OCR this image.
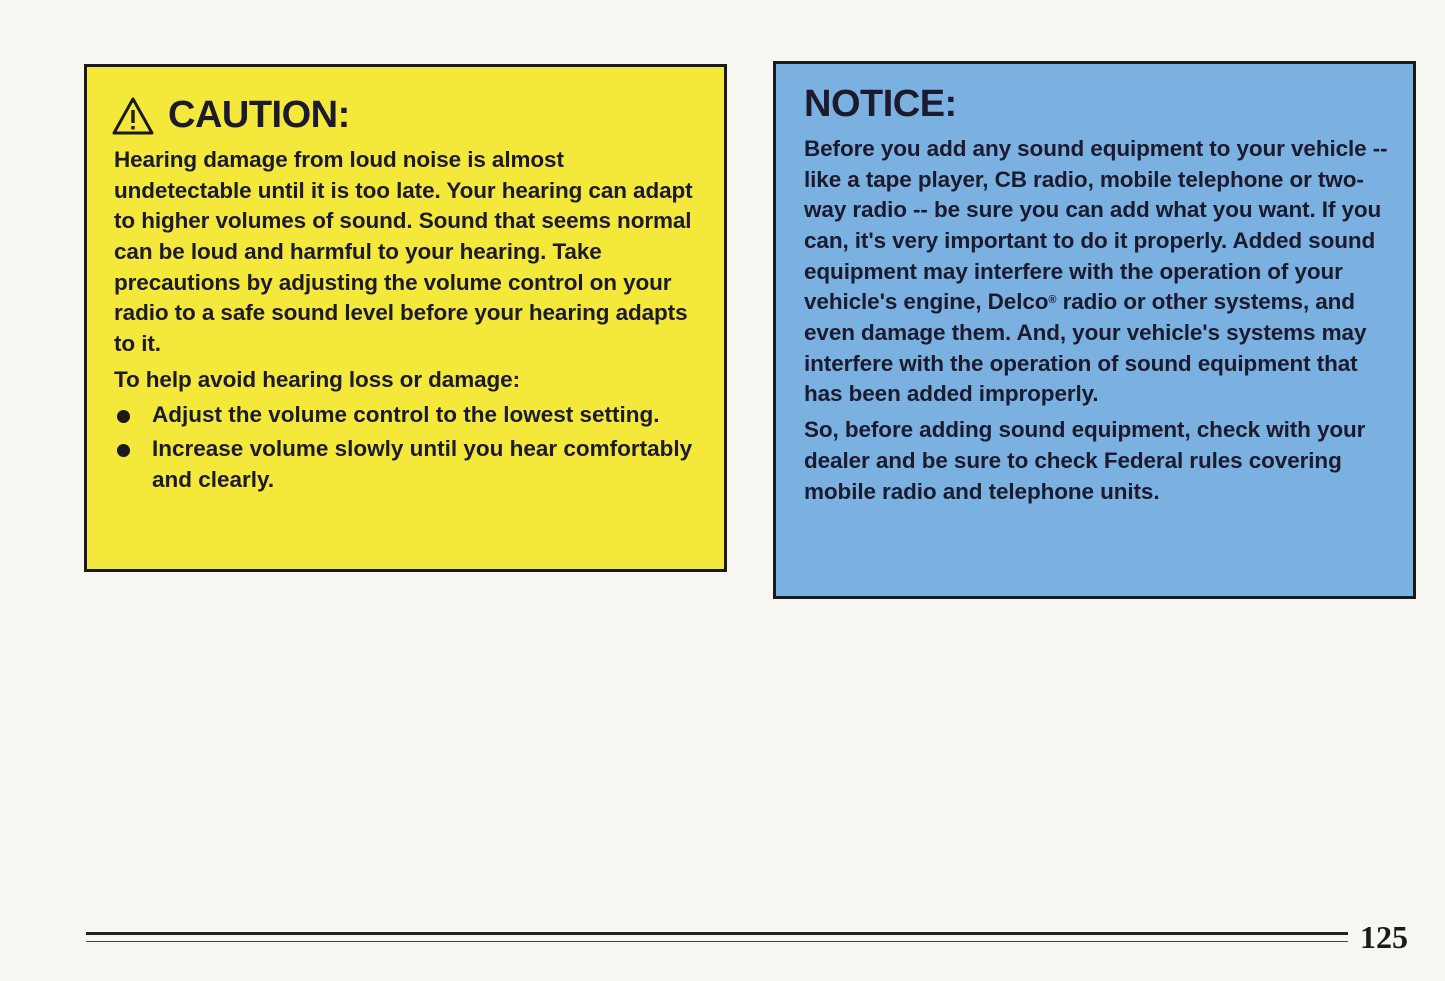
CAUTION:

Hearing damage from loud noise is almost undetectable until it is too late. Your hearing can adapt to higher volumes of sound. Sound that seems normal can be loud and harmful to your hearing. Take precautions by adjusting the volume control on your radio to a safe sound level before your hearing adapts to it.

To help avoid hearing loss or damage:

Adjust the volume control to the lowest setting.
Increase volume slowly until you hear comfortably and clearly.
NOTICE:

Before you add any sound equipment to your vehicle -- like a tape player, CB radio, mobile telephone or two-way radio -- be sure you can add what you want. If you can, it's very important to do it properly. Added sound equipment may interfere with the operation of your vehicle's engine, Delco® radio or other systems, and even damage them. And, your vehicle's systems may interfere with the operation of sound equipment that has been added improperly.

So, before adding sound equipment, check with your dealer and be sure to check Federal rules covering mobile radio and telephone units.

125
